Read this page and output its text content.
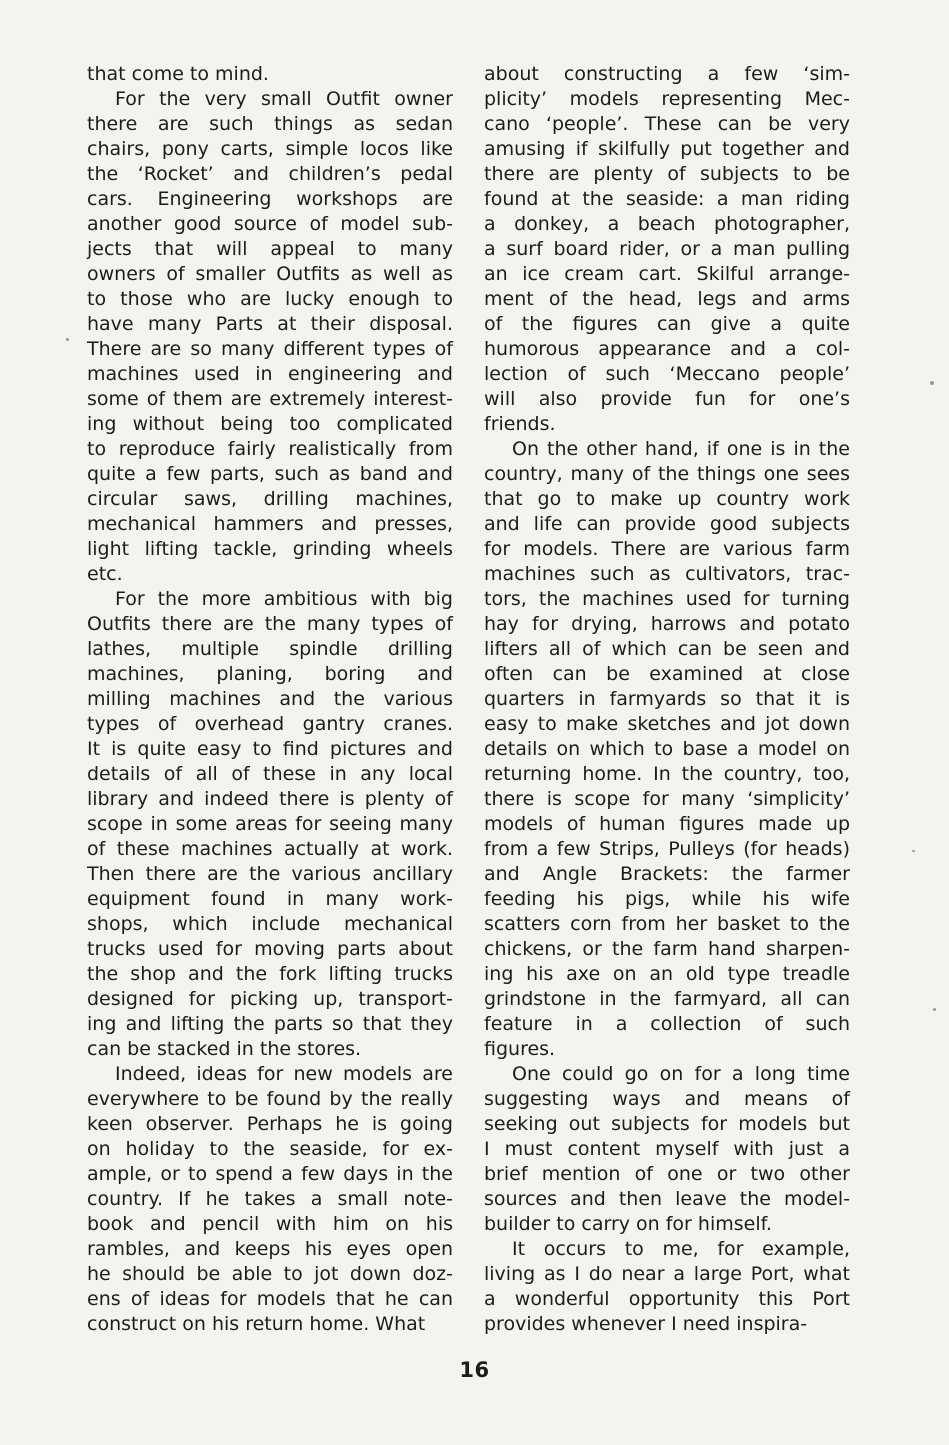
that come to mind.
For the very small Outfit owner
there are such things as sedan
chairs, pony carts, simple locos like
the ‘Rocket’ and children’s pedal
cars. Engineering workshops are
another good source of model sub-
jects that will appeal to many
owners of smaller Outfits as well as
to those who are lucky enough to
have many Parts at their disposal.
There are so many different types of
machines used in engineering and
some of them are extremely interest-
ing without being too complicated
to reproduce fairly realistically from
quite a few parts, such as band and
circular saws, drilling machines,
mechanical hammers and presses,
light lifting tackle, grinding wheels
etc.
For the more ambitious with big
Outfits there are the many types of
lathes, multiple spindle drilling
machines, planing, boring and
milling machines and the various
types of overhead gantry cranes.
It is quite easy to find pictures and
details of all of these in any local
library and indeed there is plenty of
scope in some areas for seeing many
of these machines actually at work.
Then there are the various ancillary
equipment found in many work-
shops, which include mechanical
trucks used for moving parts about
the shop and the fork lifting trucks
designed for picking up, transport-
ing and lifting the parts so that they
can be stacked in the stores.
Indeed, ideas for new models are
everywhere to be found by the really
keen observer. Perhaps he is going
on holiday to the seaside, for ex-
ample, or to spend a few days in the
country. If he takes a small note-
book and pencil with him on his
rambles, and keeps his eyes open
he should be able to jot down doz-
ens of ideas for models that he can
construct on his return home. What
about constructing a few ‘sim-
plicity’ models representing Mec-
cano ‘people’. These can be very
amusing if skilfully put together and
there are plenty of subjects to be
found at the seaside: a man riding
a donkey, a beach photographer,
a surf board rider, or a man pulling
an ice cream cart. Skilful arrange-
ment of the head, legs and arms
of the figures can give a quite
humorous appearance and a col-
lection of such ‘Meccano people’
will also provide fun for one’s
friends.
On the other hand, if one is in the
country, many of the things one sees
that go to make up country work
and life can provide good subjects
for models. There are various farm
machines such as cultivators, trac-
tors, the machines used for turning
hay for drying, harrows and potato
lifters all of which can be seen and
often can be examined at close
quarters in farmyards so that it is
easy to make sketches and jot down
details on which to base a model on
returning home. In the country, too,
there is scope for many ‘simplicity’
models of human figures made up
from a few Strips, Pulleys (for heads)
and Angle Brackets: the farmer
feeding his pigs, while his wife
scatters corn from her basket to the
chickens, or the farm hand sharpen-
ing his axe on an old type treadle
grindstone in the farmyard, all can
feature in a collection of such
figures.
One could go on for a long time
suggesting ways and means of
seeking out subjects for models but
I must content myself with just a
brief mention of one or two other
sources and then leave the model-
builder to carry on for himself.
It occurs to me, for example,
living as I do near a large Port, what
a wonderful opportunity this Port
provides whenever I need inspira-
16
